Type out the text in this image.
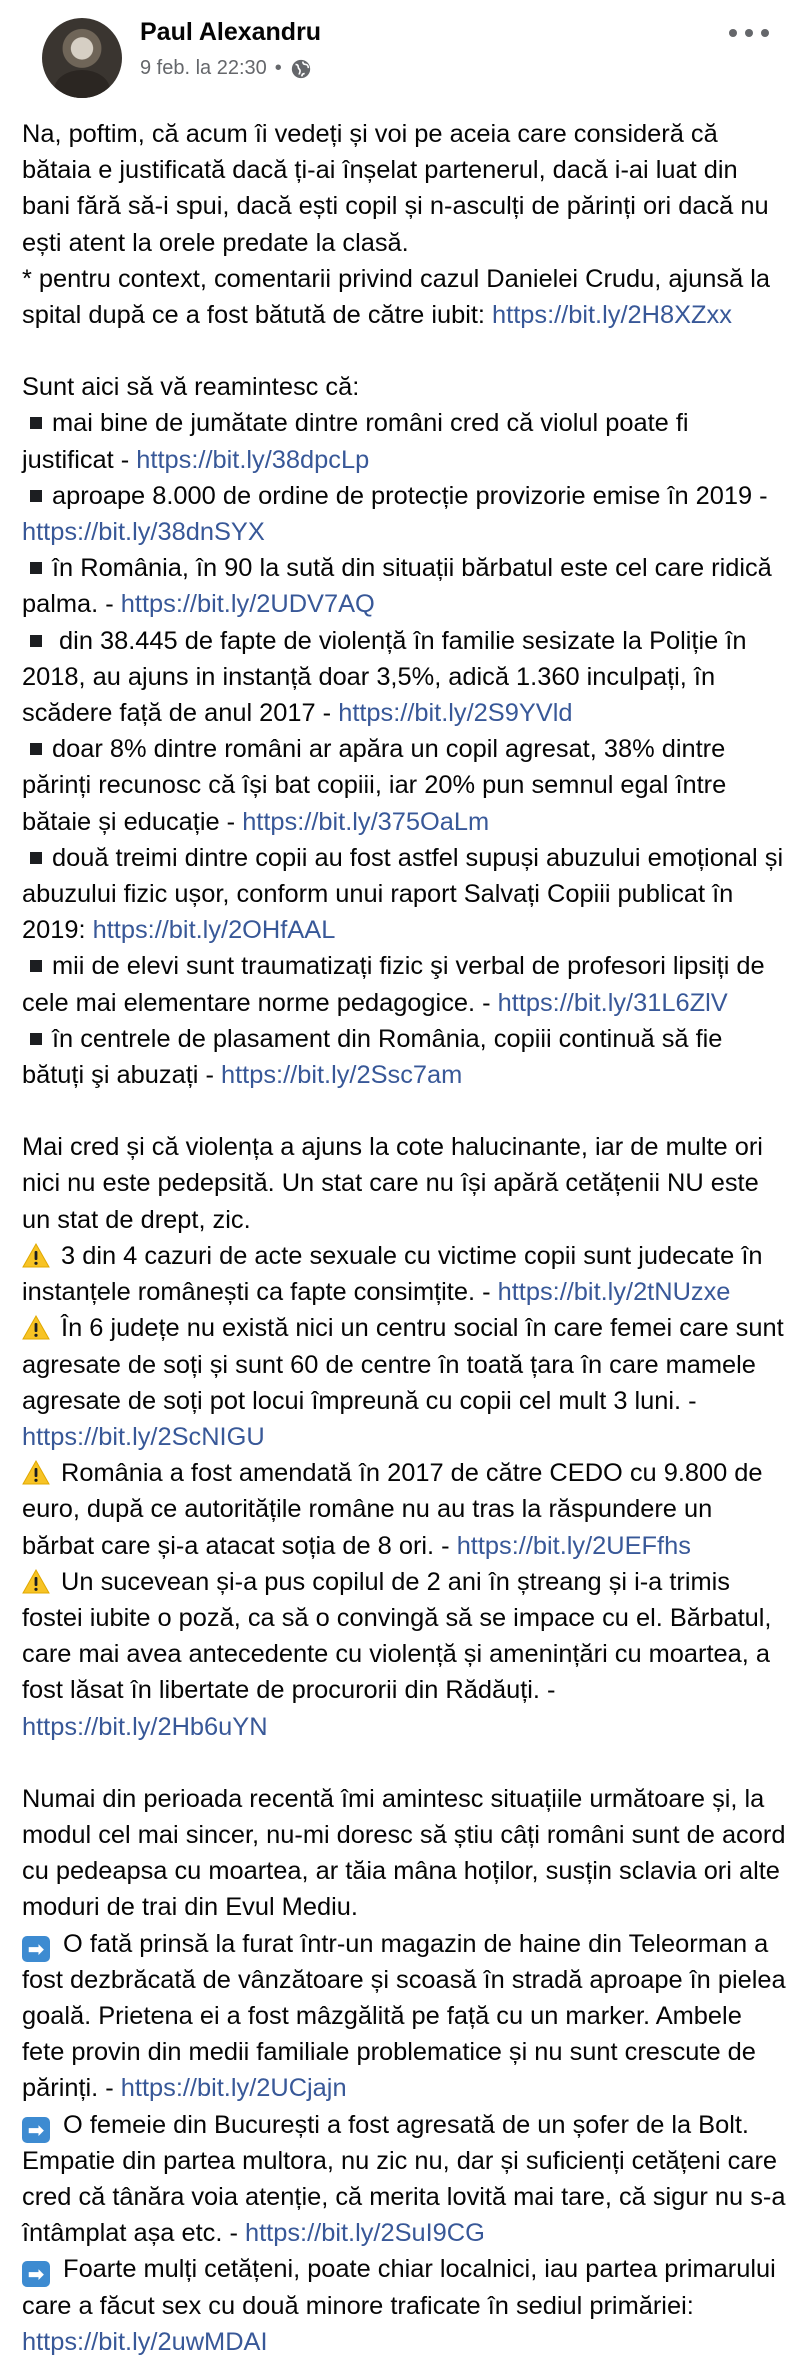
Paul Alexandru
9 feb. la 22:30 •

Na, poftim, că acum îi vedeți și voi pe aceia care consideră că bătaia e justificată dacă ți-ai înșelat partenerul, dacă i-ai luat din bani fără să-i spui, dacă ești copil și n-asculți de părinți ori dacă nu ești atent la orele predate la clasă.

* pentru context, comentarii privind cazul Danielei Crudu, ajunsă la spital după ce a fost bătută de către iubit: https://bit.ly/2H8XZxx

Sunt aici să vă reamintesc că:

mai bine de jumătate dintre români cred că violul poate fi justificat - https://bit.ly/38dpcLp

aproape 8.000 de ordine de protecție provizorie emise în 2019 - https://bit.ly/38dnSYX

în România, în 90 la sută din situații bărbatul este cel care ridică palma. - https://bit.ly/2UDV7AQ

din 38.445 de fapte de violență în familie sesizate la Poliție în 2018, au ajuns in instanță doar 3,5%, adică 1.360 inculpați, în scădere față de anul 2017 - https://bit.ly/2S9YVld

doar 8% dintre români ar apăra un copil agresat, 38% dintre părinți recunosc că își bat copiii, iar 20% pun semnul egal între bătaie și educație - https://bit.ly/375OaLm

două treimi dintre copii au fost astfel supuși abuzului emoțional și abuzului fizic ușor, conform unui raport Salvați Copiii publicat în 2019: https://bit.ly/2OHfAAL

mii de elevi sunt traumatizați fizic şi verbal de profesori lipsiți de cele mai elementare norme pedagogice. - https://bit.ly/31L6ZlV

în centrele de plasament din România, copiii continuă să fie bătuți şi abuzați - https://bit.ly/2Ssc7am

Mai cred și că violența a ajuns la cote halucinante, iar de multe ori nici nu este pedepsită. Un stat care nu își apără cetățenii NU este un stat de drept, zic.

3 din 4 cazuri de acte sexuale cu victime copii sunt judecate în instanțele românești ca fapte consimțite. - https://bit.ly/2tNUzxe

În 6 județe nu există nici un centru social în care femei care sunt agresate de soți și sunt 60 de centre în toată țara în care mamele agresate de soți pot locui împreună cu copii cel mult 3 luni. - https://bit.ly/2ScNIGU

România a fost amendată în 2017 de către CEDO cu 9.800 de euro, după ce autoritățile române nu au tras la răspundere un bărbat care și-a atacat soția de 8 ori. - https://bit.ly/2UEFfhs

Un sucevean și-a pus copilul de 2 ani în ștreang și i-a trimis fostei iubite o poză, ca să o convingă să se impace cu el. Bărbatul, care mai avea antecedente cu violență și amenințări cu moartea, a fost lăsat în libertate de procurorii din Rădăuți. - https://bit.ly/2Hb6uYN

Numai din perioada recentă îmi amintesc situațiile următoare și, la modul cel mai sincer, nu-mi doresc să știu câți români sunt de acord cu pedeapsa cu moartea, ar tăia mâna hoților, susțin sclavia ori alte moduri de trai din Evul Mediu.

➡ O fată prinsă la furat într-un magazin de haine din Teleorman a fost dezbrăcată de vânzătoare și scoasă în stradă aproape în pielea goală. Prietena ei a fost mâzgălită pe față cu un marker. Ambele fete provin din medii familiale problematice și nu sunt crescute de părinți. - https://bit.ly/2UCjajn

➡ O femeie din București a fost agresată de un șofer de la Bolt. Empatie din partea multora, nu zic nu, dar și suficienți cetățeni care cred că tânăra voia atenție, că merita lovită mai tare, că sigur nu s-a întâmplat așa etc. - https://bit.ly/2SuI9CG

➡ Foarte mulți cetățeni, poate chiar localnici, iau partea primarului care a făcut sex cu două minore traficate în sediul primăriei: https://bit.ly/2uwMDAI
